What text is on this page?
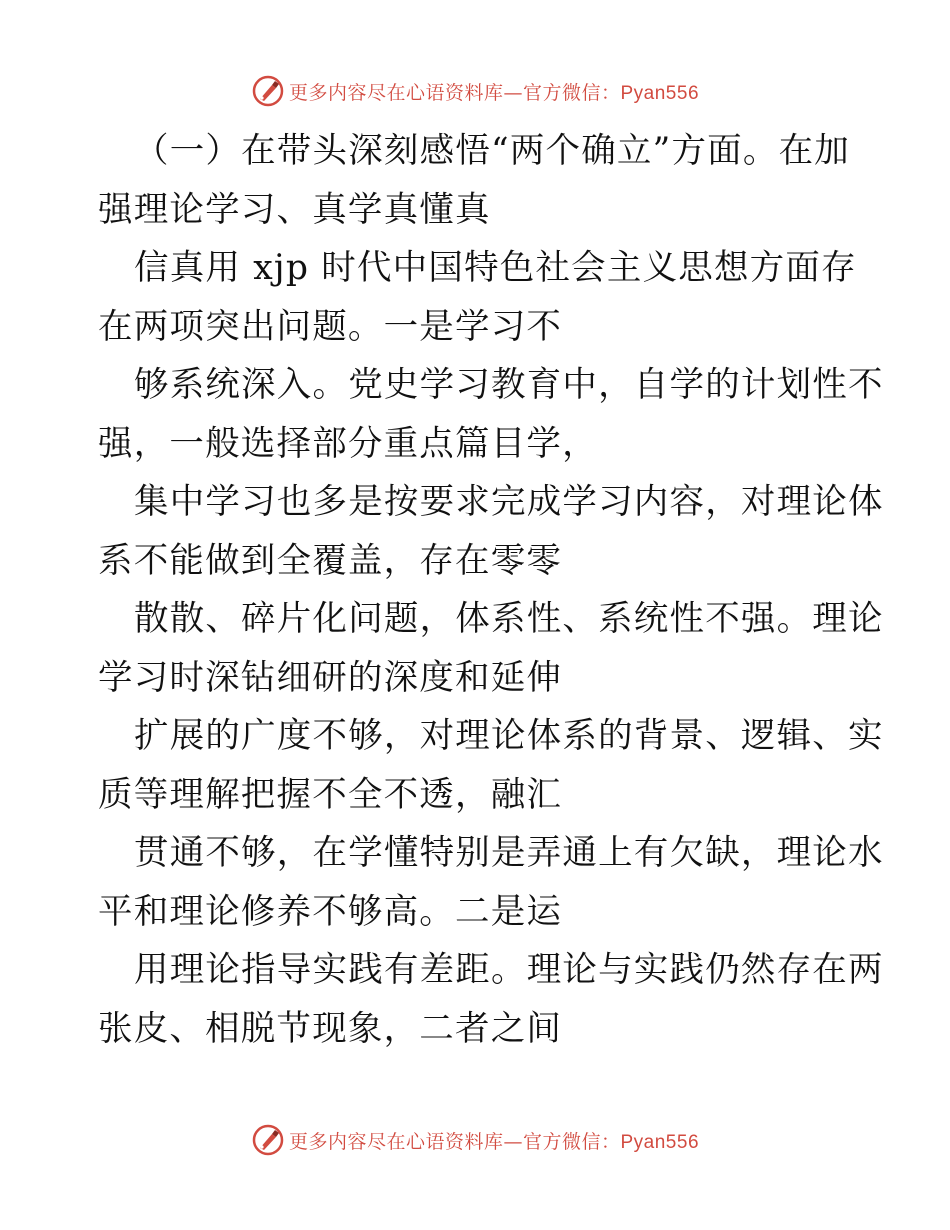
更多内容尽在心语资料库—官方微信：Pyan556
（一）在带头深刻感悟“两个确立”方面。在加
强理论学习、真学真懂真
信真用 xjp 时代中国特色社会主义思想方面存
在两项突出问题。一是学习不
够系统深入。党史学习教育中，自学的计划性不
强，一般选择部分重点篇目学，
集中学习也多是按要求完成学习内容，对理论体
系不能做到全覆盖，存在零零
散散、碎片化问题，体系性、系统性不强。理论
学习时深钻细研的深度和延伸
扩展的广度不够，对理论体系的背景、逻辑、实
质等理解把握不全不透，融汇
贯通不够，在学懂特别是弄通上有欠缺，理论水
平和理论修养不够高。二是运
用理论指导实践有差距。理论与实践仍然存在两
张皮、相脱节现象，二者之间
更多内容尽在心语资料库—官方微信：Pyan556
